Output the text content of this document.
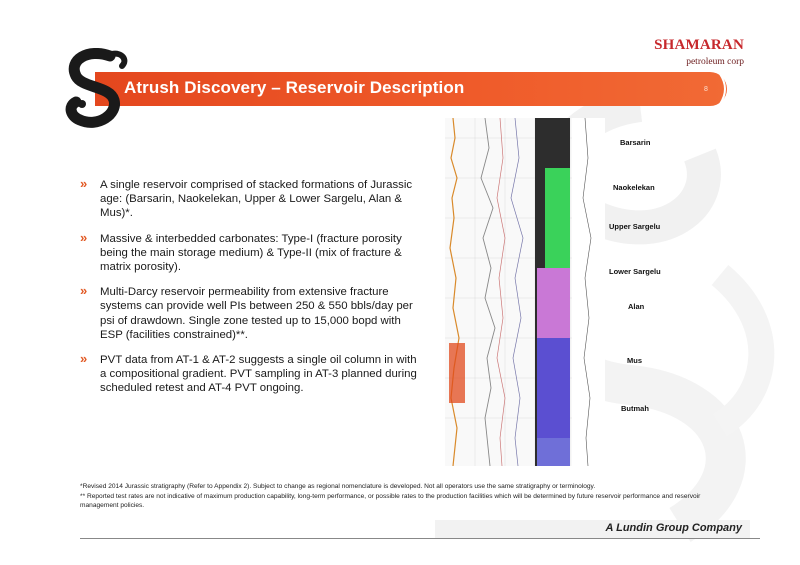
Atrush Discovery – Reservoir Description	8
SHAMARAN
petroleum corp
» A single reservoir comprised of stacked formations of Jurassic age: (Barsarin, Naokelekan, Upper & Lower Sargelu, Alan & Mus)*.
» Massive & interbedded carbonates: Type-I (fracture porosity being the main storage medium) & Type-II (mix of fracture & matrix porosity).
» Multi-Darcy reservoir permeability from extensive fracture systems can provide well PIs between 250 & 550 bbls/day per psi of drawdown. Single zone tested up to 15,000 bopd with ESP (facilities constrained)**.
» PVT data from AT-1 & AT-2 suggests a single oil column in with a compositional gradient. PVT sampling in AT-3 planned during scheduled retest and AT-4 PVT ongoing.
Barsarin
Naokelekan
Upper Sargelu
Lower Sargelu
Alan
Mus
Butmah
*Revised 2014 Jurassic stratigraphy (Refer to Appendix 2). Subject to change as regional nomenclature is developed. Not all operators use the same stratigraphy or terminology.
** Reported test rates are not indicative of maximum production capability, long-term performance, or possible rates to the production facilities which will be determined by future reservoir performance and reservoir management policies.
A Lundin Group Company
